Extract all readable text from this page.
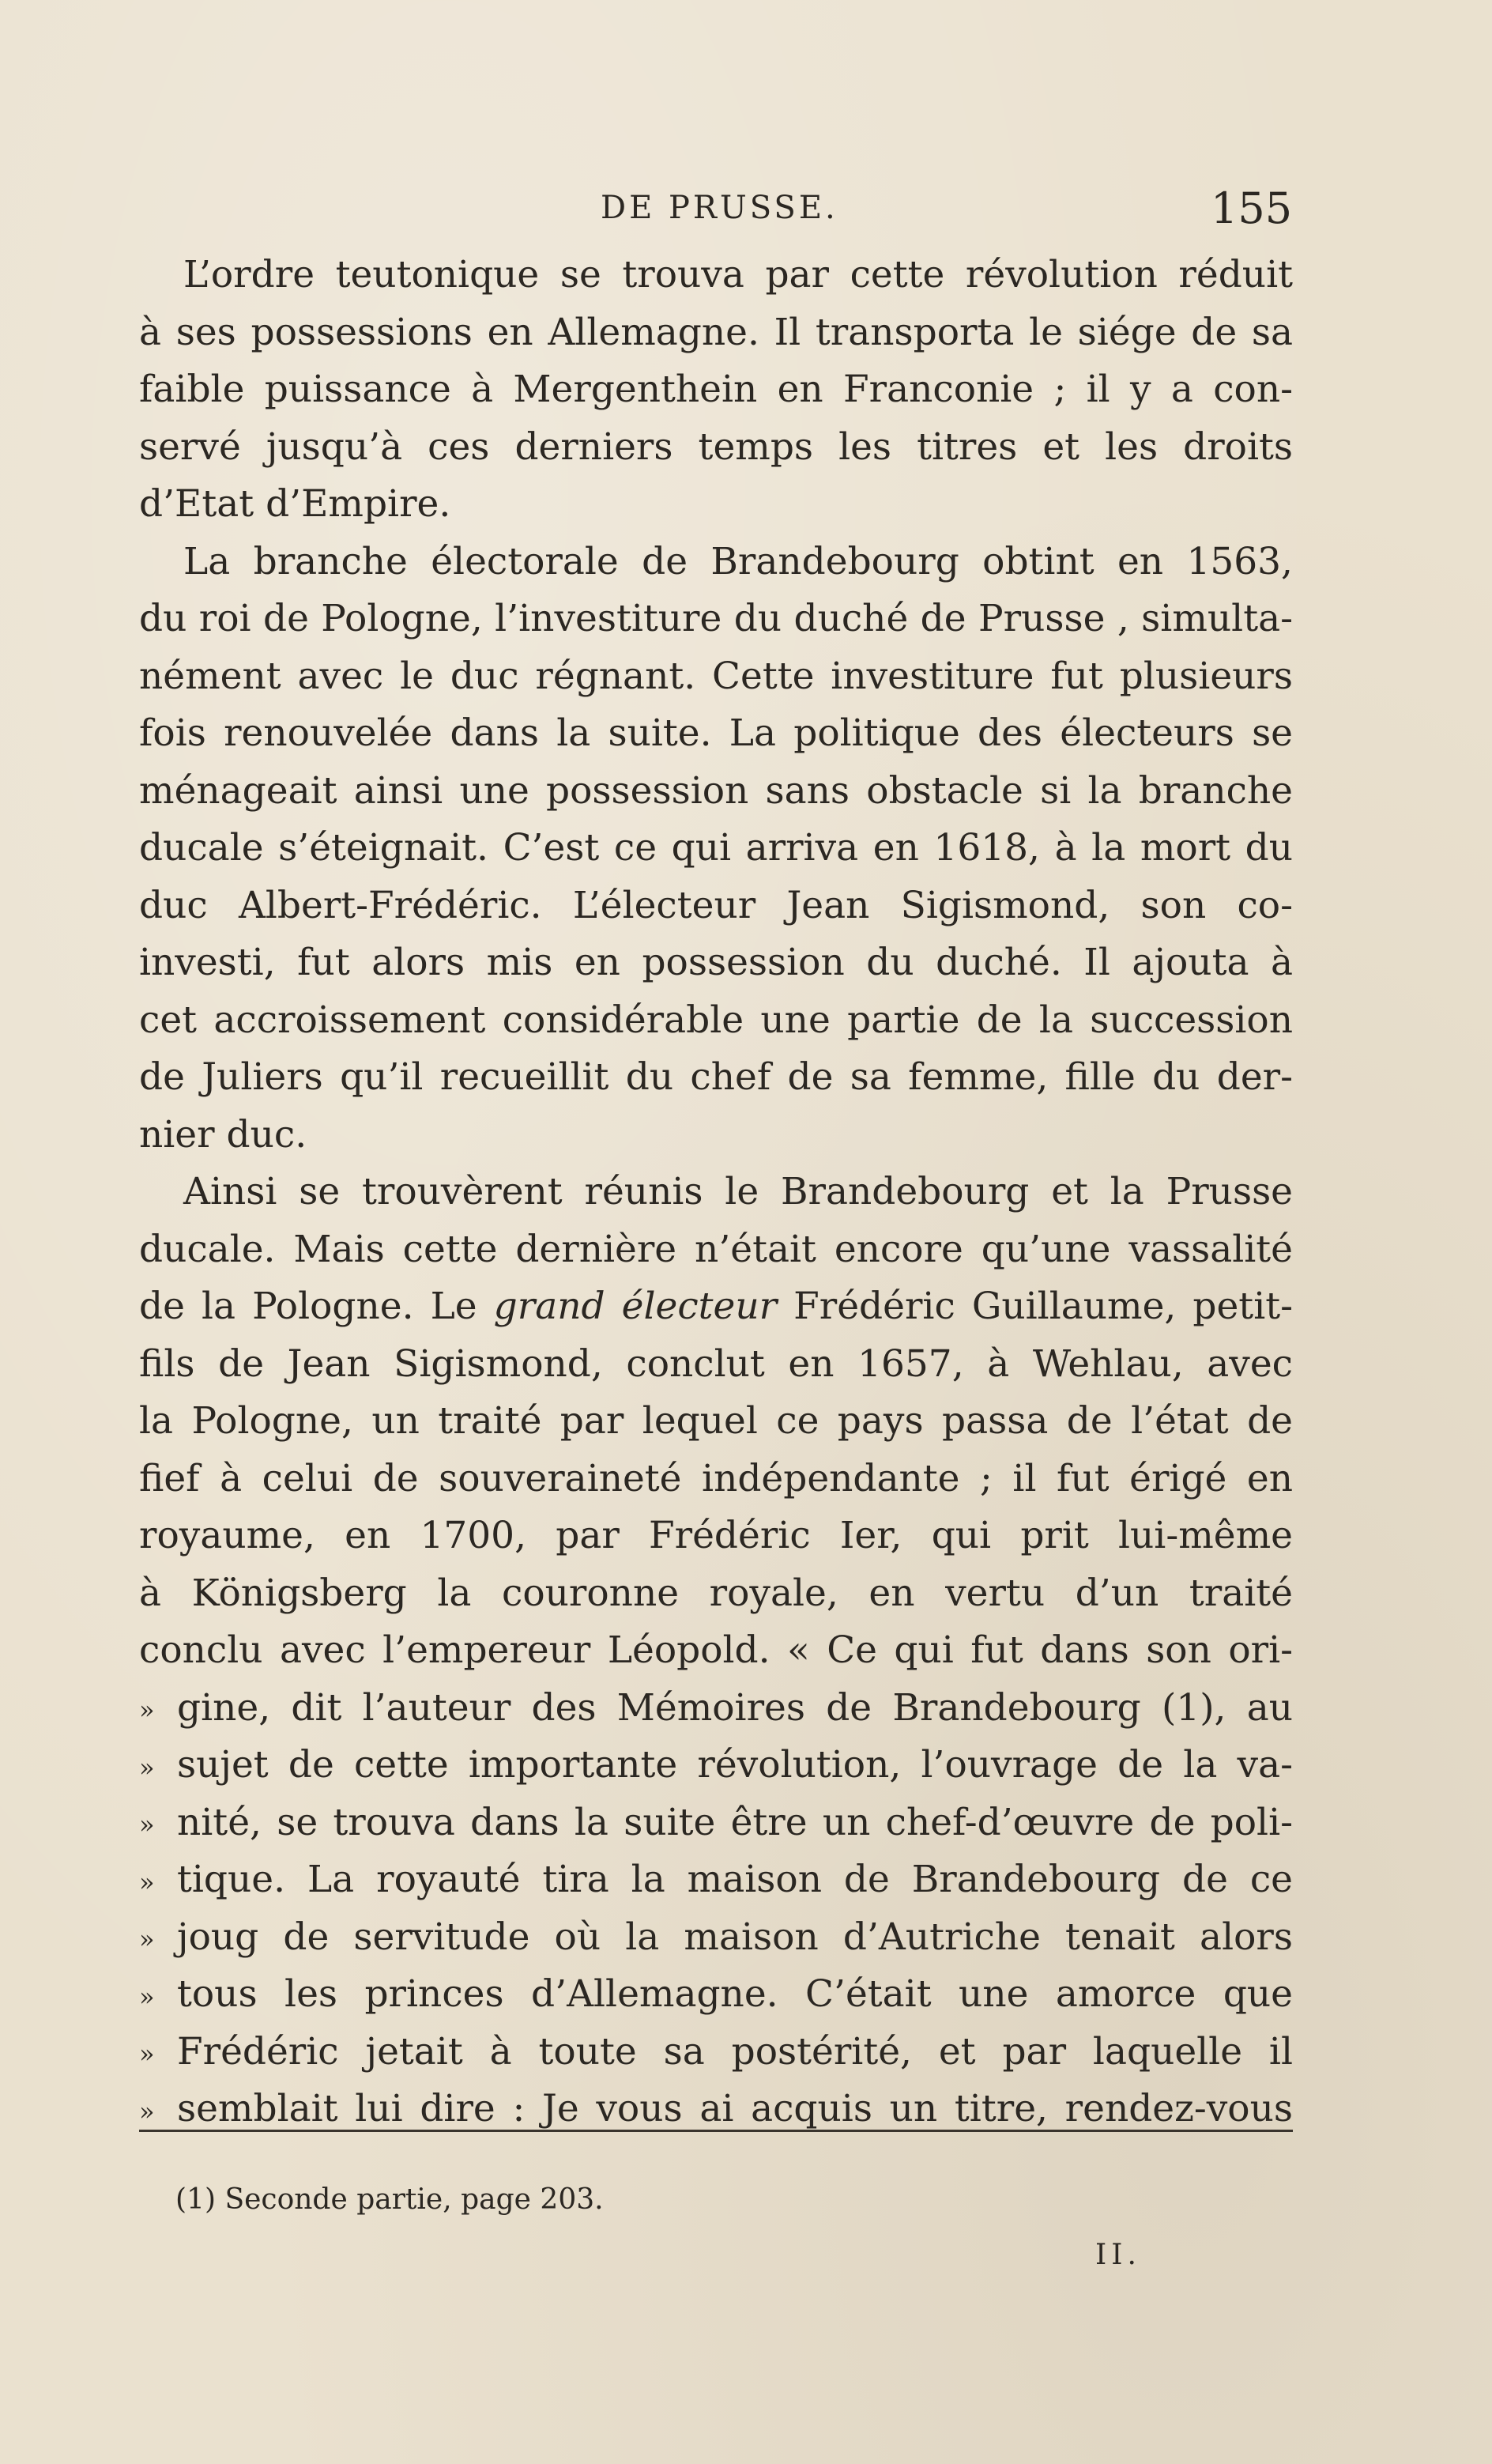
DE PRUSSE.	155
L’ordre teutonique se trouva par cette révolution réduit
à ses possessions en Allemagne. Il transporta le siége de sa
faible puissance à Mergenthein en Franconie ; il y a con-
servé jusqu’à ces derniers temps les titres et les droits
d’Etat d’Empire.
La branche électorale de Brandebourg obtint en 1563,
du roi de Pologne, l’investiture du duché de Prusse , simulta-
nément avec le duc régnant. Cette investiture fut plusieurs
fois renouvelée dans la suite. La politique des électeurs se
ménageait ainsi une possession sans obstacle si la branche
ducale s’éteignait. C’est ce qui arriva en 1618, à la mort du
duc Albert-Frédéric. L’électeur Jean Sigismond, son co-
investi, fut alors mis en possession du duché. Il ajouta à
cet accroissement considérable une partie de la succession
de Juliers qu’il recueillit du chef de sa femme, fille du der-
nier duc.
Ainsi se trouvèrent réunis le Brandebourg et la Prusse
ducale. Mais cette dernière n’était encore qu’une vassalité
de la Pologne. Le grand électeur Frédéric Guillaume, petit-
fils de Jean Sigismond, conclut en 1657, à Wehlau, avec
la Pologne, un traité par lequel ce pays passa de l’état de
fief à celui de souveraineté indépendante ; il fut érigé en
royaume, en 1700, par Frédéric Ier, qui prit lui-même
à Königsberg la couronne royale, en vertu d’un traité
conclu avec l’empereur Léopold. « Ce qui fut dans son ori-
» gine, dit l’auteur des Mémoires de Brandebourg (1), au
» sujet de cette importante révolution, l’ouvrage de la va-
» nité, se trouva dans la suite être un chef-d’œuvre de poli-
» tique. La royauté tira la maison de Brandebourg de ce
» joug de servitude où la maison d’Autriche tenait alors
» tous les princes d’Allemagne. C’était une amorce que
» Frédéric jetait à toute sa postérité, et par laquelle il
» semblait lui dire : Je vous ai acquis un titre, rendez-vous
(1) Seconde partie, page 203.
II.
